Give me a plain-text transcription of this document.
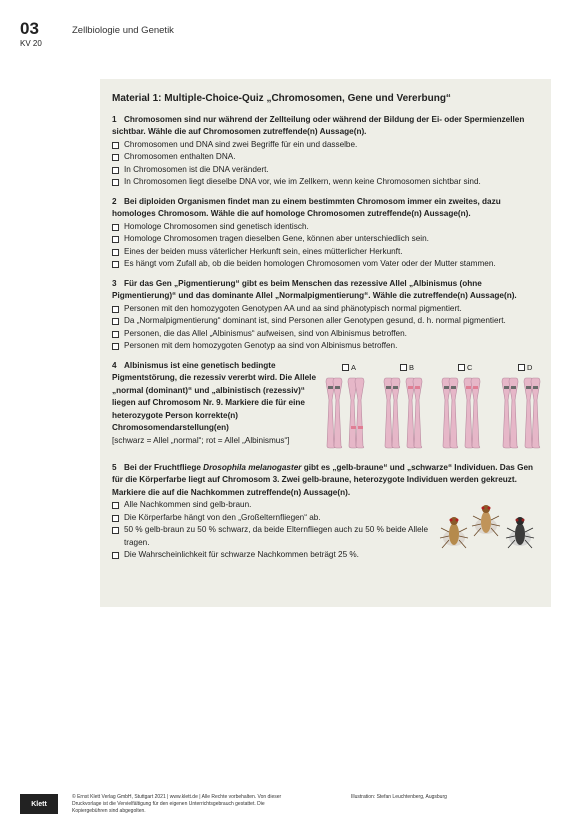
03
KV 20
Zellbiologie und Genetik
Material 1: Multiple-Choice-Quiz „Chromosomen, Gene und Vererbung“
1 Chromosomen sind nur während der Zellteilung oder während der Bildung der Ei- oder Spermienzellen sichtbar. Wähle die auf Chromosomen zutreffende(n) Aussage(n).
Chromosomen und DNA sind zwei Begriffe für ein und dasselbe.
Chromosomen enthalten DNA.
In Chromosomen ist die DNA verändert.
In Chromosomen liegt dieselbe DNA vor, wie im Zellkern, wenn keine Chromosomen sichtbar sind.
2 Bei diploiden Organismen findet man zu einem bestimmten Chromosom immer ein zweites, dazu homologes Chromosom. Wähle die auf homologe Chromosomen zutreffende(n) Aussage(n).
Homologe Chromosomen sind genetisch identisch.
Homologe Chromosomen tragen dieselben Gene, können aber unterschiedlich sein.
Eines der beiden muss väterlicher Herkunft sein, eines mütterlicher Herkunft.
Es hängt vom Zufall ab, ob die beiden homologen Chromosomen vom Vater oder der Mutter stammen.
3 Für das Gen „Pigmentierung“ gibt es beim Menschen das rezessive Allel „Albinismus (ohne Pigmentierung)“ und das dominante Allel „Normalpigmentierung“. Wähle die zutreffende(n) Aussage(n).
Personen mit den homozygoten Genotypen AA und aa sind phänotypisch normal pigmentiert.
Da „Normalpigmentierung“ dominant ist, sind Personen aller Genotypen gesund, d. h. normal pigmentiert.
Personen, die das Allel „Albinismus“ aufweisen, sind von Albinismus betroffen.
Personen mit dem homozygoten Genotyp aa sind von Albinismus betroffen.
4 Albinismus ist eine genetisch bedingte Pigmentstörung, die rezessiv vererbt wird. Die Allele „normal (dominant)“ und „albinistisch (rezessiv)“ liegen auf Chromosom Nr. 9. Markiere die für eine heterozygote Person korrekte(n) Chromosomendarstellung(en)
[schwarz = Allel „normal“; rot = Allel „Albinismus“]
A	B	C	D
5 Bei der Fruchtfliege Drosophila melanogaster gibt es „gelb-braune“ und „schwarze“ Individuen. Das Gen für die Körperfarbe liegt auf Chromosom 3. Zwei gelb-braune, heterozygote Individuen werden gekreuzt. Markiere die auf die Nachkommen zutreffende(n) Aussage(n).
Alle Nachkommen sind gelb-braun.
Die Körperfarbe hängt von den „Großelternfliegen“ ab.
50 % gelb-braun zu 50 % schwarz, da beide Elternfliegen auch zu 50 % beide Allele tragen.
Die Wahrscheinlichkeit für schwarze Nachkommen beträgt 25 %.
Klett
© Ernst Klett Verlag GmbH, Stuttgart 2021 | www.klett.de | Alle Rechte vorbehalten. Von dieser Druckvorlage ist die Vervielfältigung für den eigenen Unterrichtsgebrauch gestattet. Die Kopiergebühren sind abgegolten.
Illustration: Stefan Leuchtenberg, Augsburg
